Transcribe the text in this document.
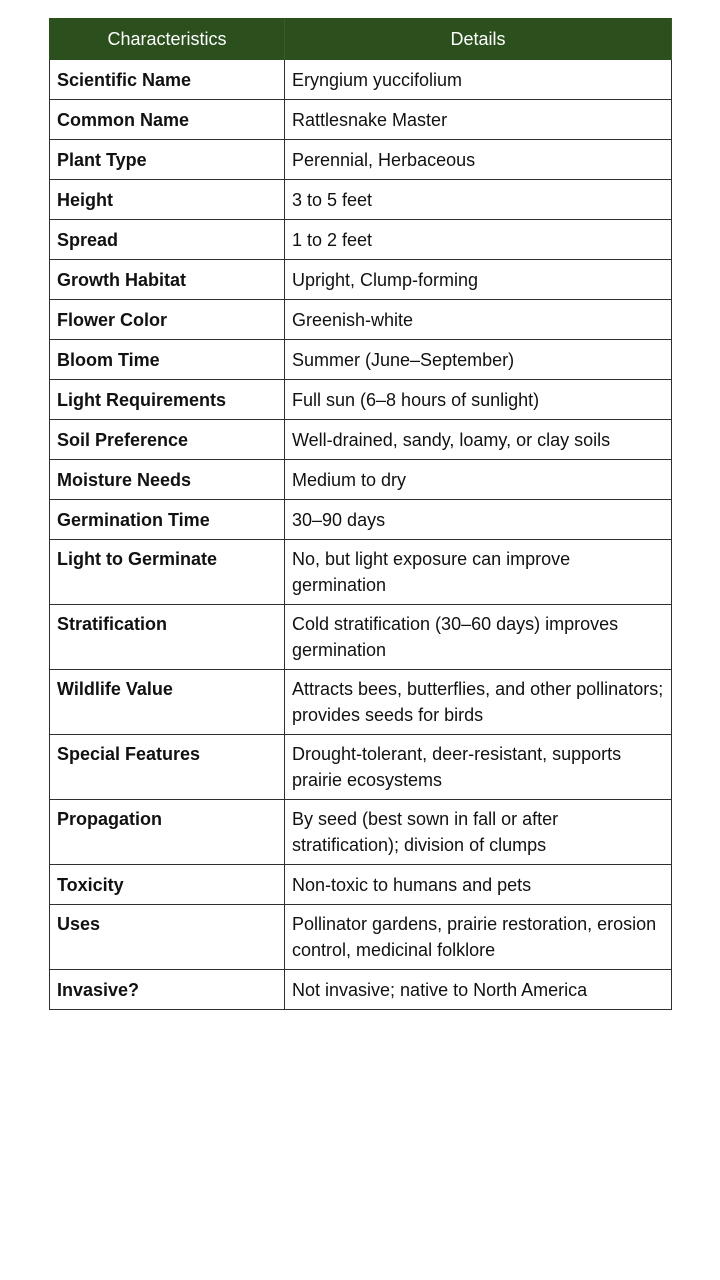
Characteristics	Details
Scientific Name	Eryngium yuccifolium
Common Name	Rattlesnake Master
Plant Type	Perennial, Herbaceous
Height	3 to 5 feet
Spread	1 to 2 feet
Growth Habitat	Upright, Clump-forming
Flower Color	Greenish-white
Bloom Time	Summer (June–September)
Light Requirements	Full sun (6–8 hours of sunlight)
Soil Preference	Well-drained, sandy, loamy, or clay soils
Moisture Needs	Medium to dry
Germination Time	30–90 days
Light to Germinate	No, but light exposure can improve germination
Stratification	Cold stratification (30–60 days) improves germination
Wildlife Value	Attracts bees, butterflies, and other pollinators; provides seeds for birds
Special Features	Drought-tolerant, deer-resistant, supports prairie ecosystems
Propagation	By seed (best sown in fall or after stratification); division of clumps
Toxicity	Non-toxic to humans and pets
Uses	Pollinator gardens, prairie restoration, erosion control, medicinal folklore
Invasive?	Not invasive; native to North America
